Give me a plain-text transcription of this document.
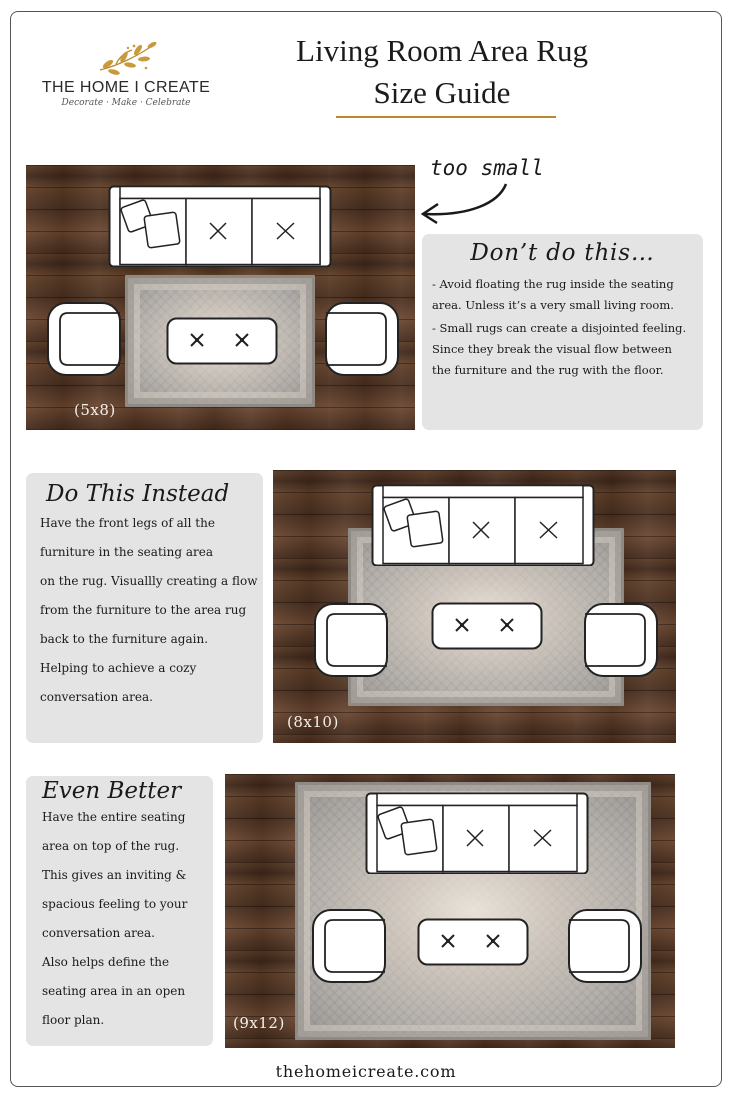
THE HOME I CREATE
Decorate · Make · Celebrate
Living Room Area Rug
Size Guide
(5x8)
too small
Don’t do this…

- Avoid floating the rug inside the seating area. Unless it’s a very small living room.

- Small rugs can create a disjointed feeling. Since they break the visual flow between the furniture and the rug with the floor.

Do This Instead

Have the front legs of all the

furniture in the seating area

on the rug. Visuallly creating a flow

from the furniture to the area rug

back to the furniture again.

Helping to achieve a cozy

conversation area.

(8x10)
Even Better

Have the entire seating

area on top of the rug.

This gives an inviting &

spacious feeling to your

conversation area.

Also helps define the

seating area in an open

floor plan.	(9x12)
thehomeicreate.com
